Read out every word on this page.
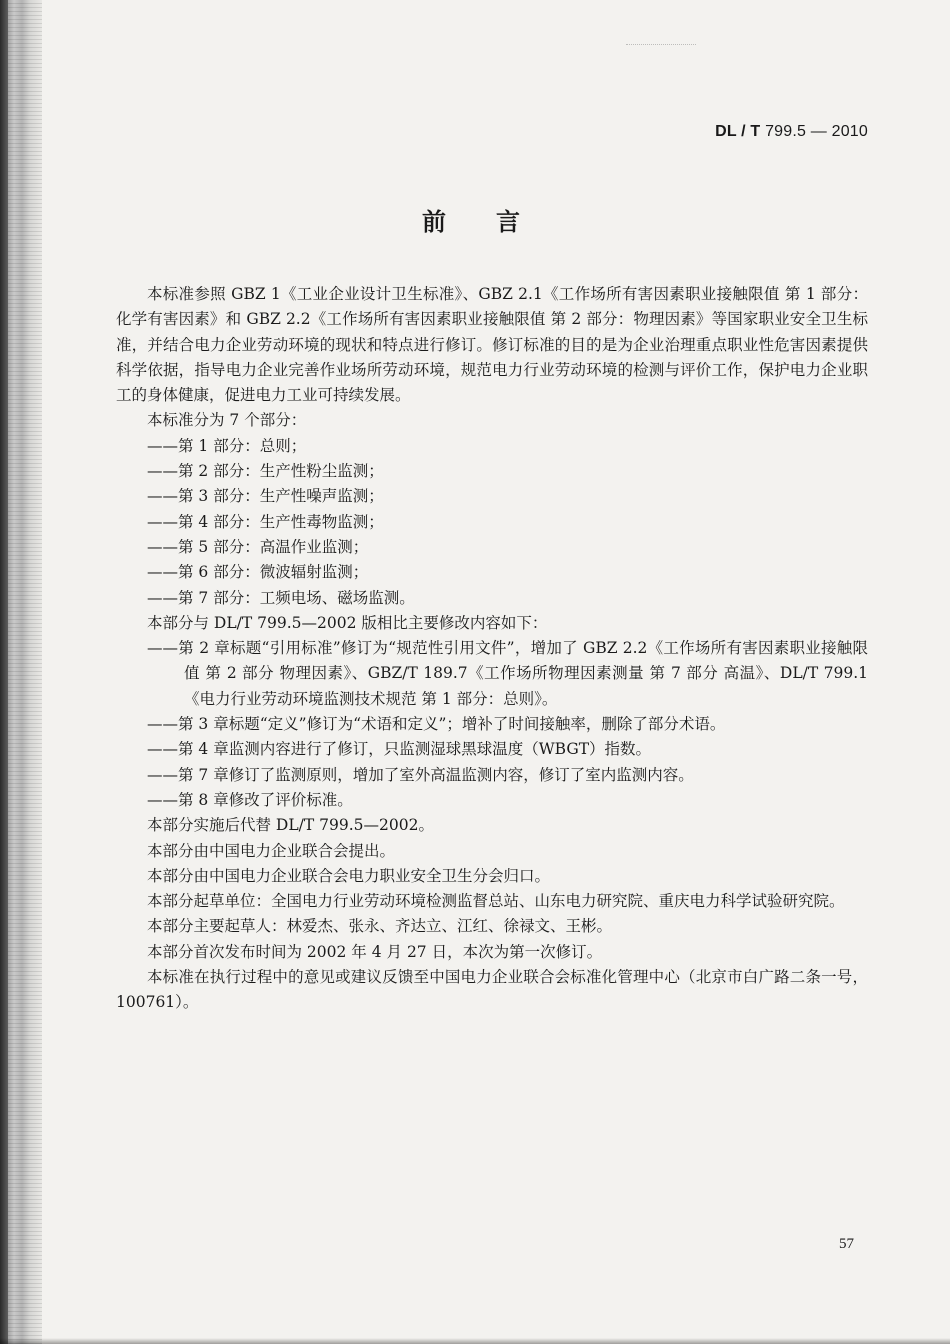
DL / T 799.5 — 2010
前言

本标准参照 GBZ 1《工业企业设计卫生标准》、GBZ 2.1《工作场所有害因素职业接触限值 第 1 部分：化学有害因素》和 GBZ 2.2《工作场所有害因素职业接触限值 第 2 部分：物理因素》等国家职业安全卫生标准，并结合电力企业劳动环境的现状和特点进行修订。修订标准的目的是为企业治理重点职业性危害因素提供科学依据，指导电力企业完善作业场所劳动环境，规范电力行业劳动环境的检测与评价工作，保护电力企业职工的身体健康，促进电力工业可持续发展。

本标准分为 7 个部分：

——第 1 部分：总则；

——第 2 部分：生产性粉尘监测；

——第 3 部分：生产性噪声监测；

——第 4 部分：生产性毒物监测；

——第 5 部分：高温作业监测；

——第 6 部分：微波辐射监测；

——第 7 部分：工频电场、磁场监测。

本部分与 DL/T 799.5—2002 版相比主要修改内容如下：

——第 2 章标题“引用标准”修订为“规范性引用文件”，增加了 GBZ 2.2《工作场所有害因素职业接触限值 第 2 部分 物理因素》、GBZ/T 189.7《工作场所物理因素测量 第 7 部分 高温》、DL/T 799.1《电力行业劳动环境监测技术规范 第 1 部分：总则》。

——第 3 章标题“定义”修订为“术语和定义”；增补了时间接触率，删除了部分术语。

——第 4 章监测内容进行了修订，只监测湿球黑球温度（WBGT）指数。

——第 7 章修订了监测原则，增加了室外高温监测内容，修订了室内监测内容。

——第 8 章修改了评价标准。

本部分实施后代替 DL/T 799.5—2002。

本部分由中国电力企业联合会提出。

本部分由中国电力企业联合会电力职业安全卫生分会归口。

本部分起草单位：全国电力行业劳动环境检测监督总站、山东电力研究院、重庆电力科学试验研究院。

本部分主要起草人：林爱杰、张永、齐达立、江红、徐禄文、王彬。

本部分首次发布时间为 2002 年 4 月 27 日，本次为第一次修订。

本标准在执行过程中的意见或建议反馈至中国电力企业联合会标准化管理中心（北京市白广路二条一号，100761）。

57
